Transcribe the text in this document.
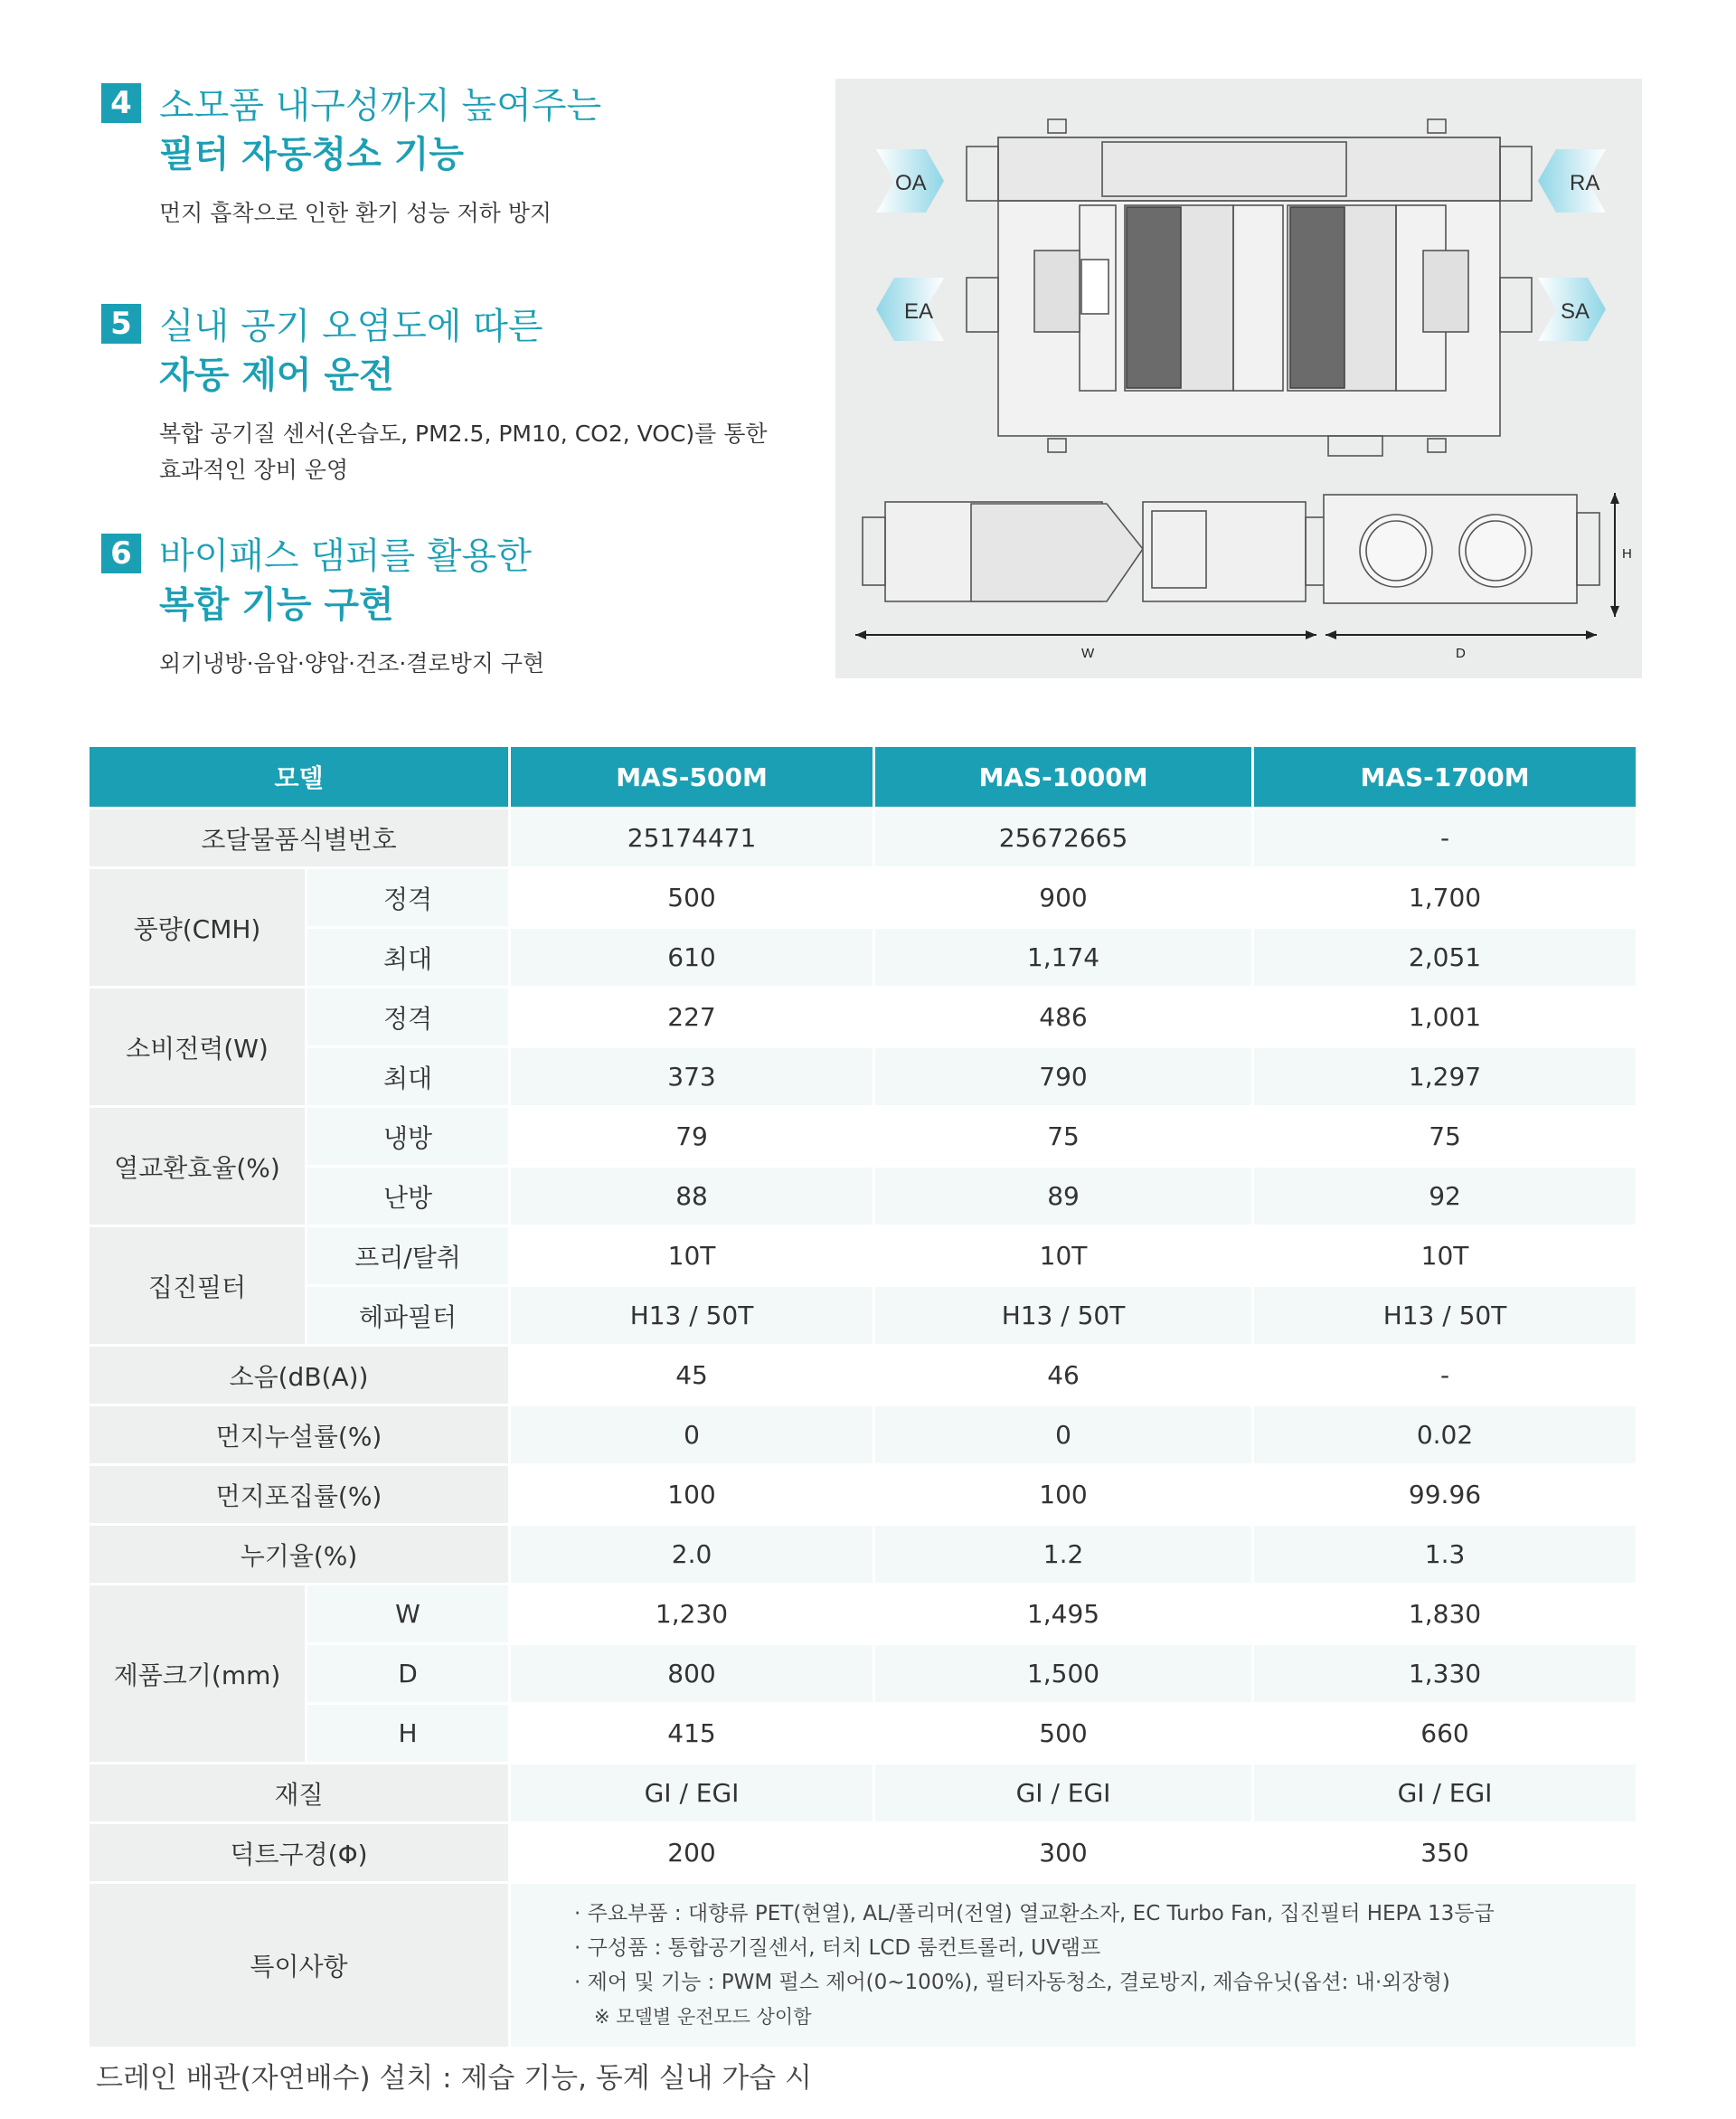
4 소모품 내구성까지 높여주는
필터 자동청소 기능
먼지 흡착으로 인한 환기 성능 저하 방지
5 실내 공기 오염도에 따른
자동 제어 운전
복합 공기질 센서(온습도, PM2.5, PM10, CO2, VOC)를 통한
효과적인 장비 운영
6 바이패스 댐퍼를 활용한
복합 기능 구현
외기냉방·음압·양압·건조·결로방지 구현	W	D
H
OA
EA
RA
SA
모델		MAS-500M	MAS-1000M	MAS-1700M
조달물품식별번호		25174471	25672665	-
풍량(CMH)	정격	500	900	1,700
	최대	610	1,174	2,051
소비전력(W)	정격	227	486	1,001
	최대	373	790	1,297
열교환효율(%)	냉방	79	75	75
	난방	88	89	92
집진필터	프리/탈취	10T	10T	10T
	헤파필터	H13 / 50T	H13 / 50T	H13 / 50T
소음(dB(A))		45	46	-
먼지누설률(%)		0	0	0.02
먼지포집률(%)		100	100	99.96
누기율(%)		2.0	1.2	1.3
제품크기(mm)	W	1,230	1,495	1,830
	D	800	1,500	1,330
	H	415	500	660
재질		GI / EGI	GI / EGI	GI / EGI
덕트구경(Φ)		200	300	350
특이사항		· 주요부품 : 대향류 PET(현열), AL/폴리머(전열) 열교환소자, EC Turbo Fan, 집진필터 HEPA 13등급
· 구성품 : 통합공기질센서, 터치 LCD 룸컨트롤러, UV램프
· 제어 및 기능 : PWM 펄스 제어(0~100%), 필터자동청소, 결로방지, 제습유닛(옵션: 내·외장형)
※ 모델별 운전모드 상이함		
드레인 배관(자연배수) 설치 : 제습 기능, 동계 실내 가습 시
